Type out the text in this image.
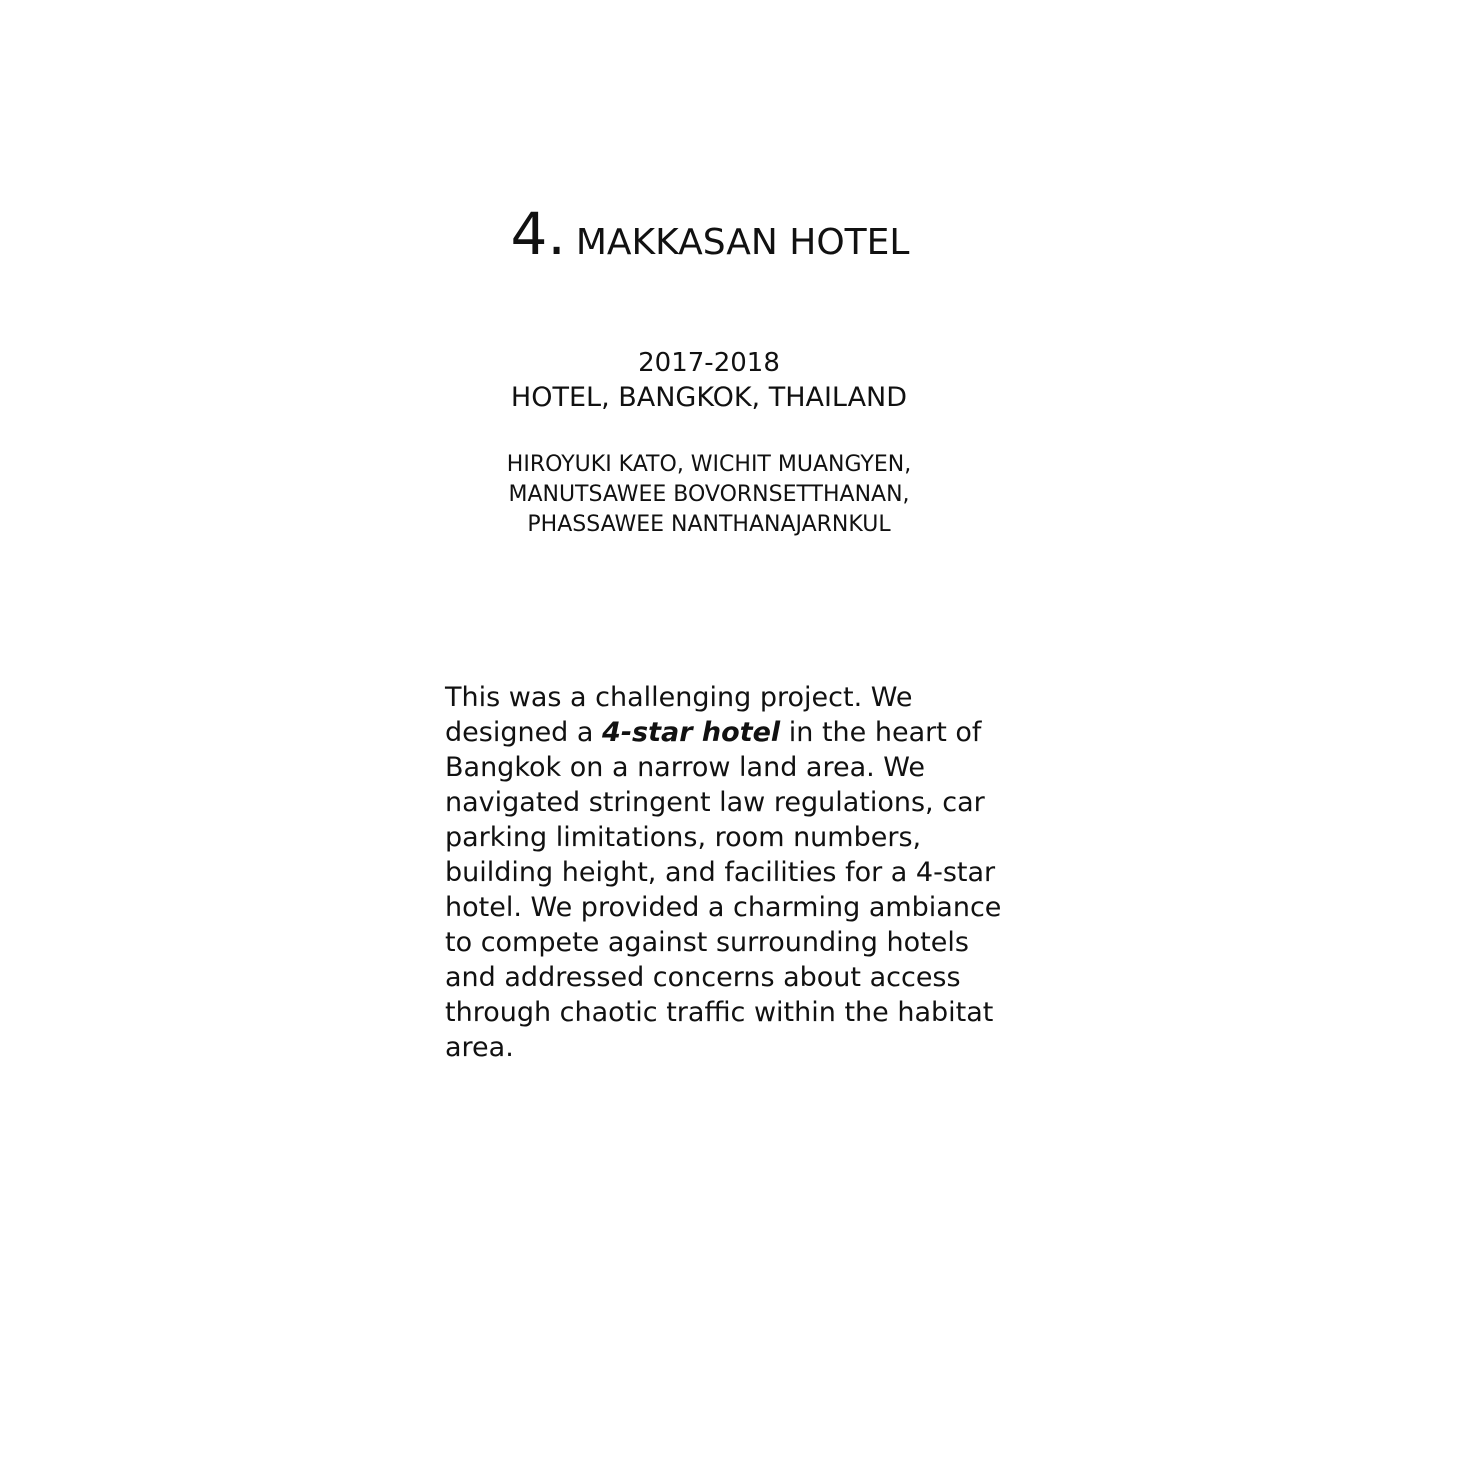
4. MAKKASAN HOTEL
2017-2018
HOTEL, BANGKOK, THAILAND
HIROYUKI KATO, WICHIT MUANGYEN,
MANUTSAWEE BOVORNSETTHANAN,
PHASSAWEE NANTHANAJARNKUL
This was a challenging project. We
designed a 4-star hotel in the heart of
Bangkok on a narrow land area. We
navigated stringent law regulations, car
parking limitations, room numbers,
building height, and facilities for a 4-star
hotel. We provided a charming ambiance
to compete against surrounding hotels
and addressed concerns about access
through chaotic traffic within the habitat
area.
